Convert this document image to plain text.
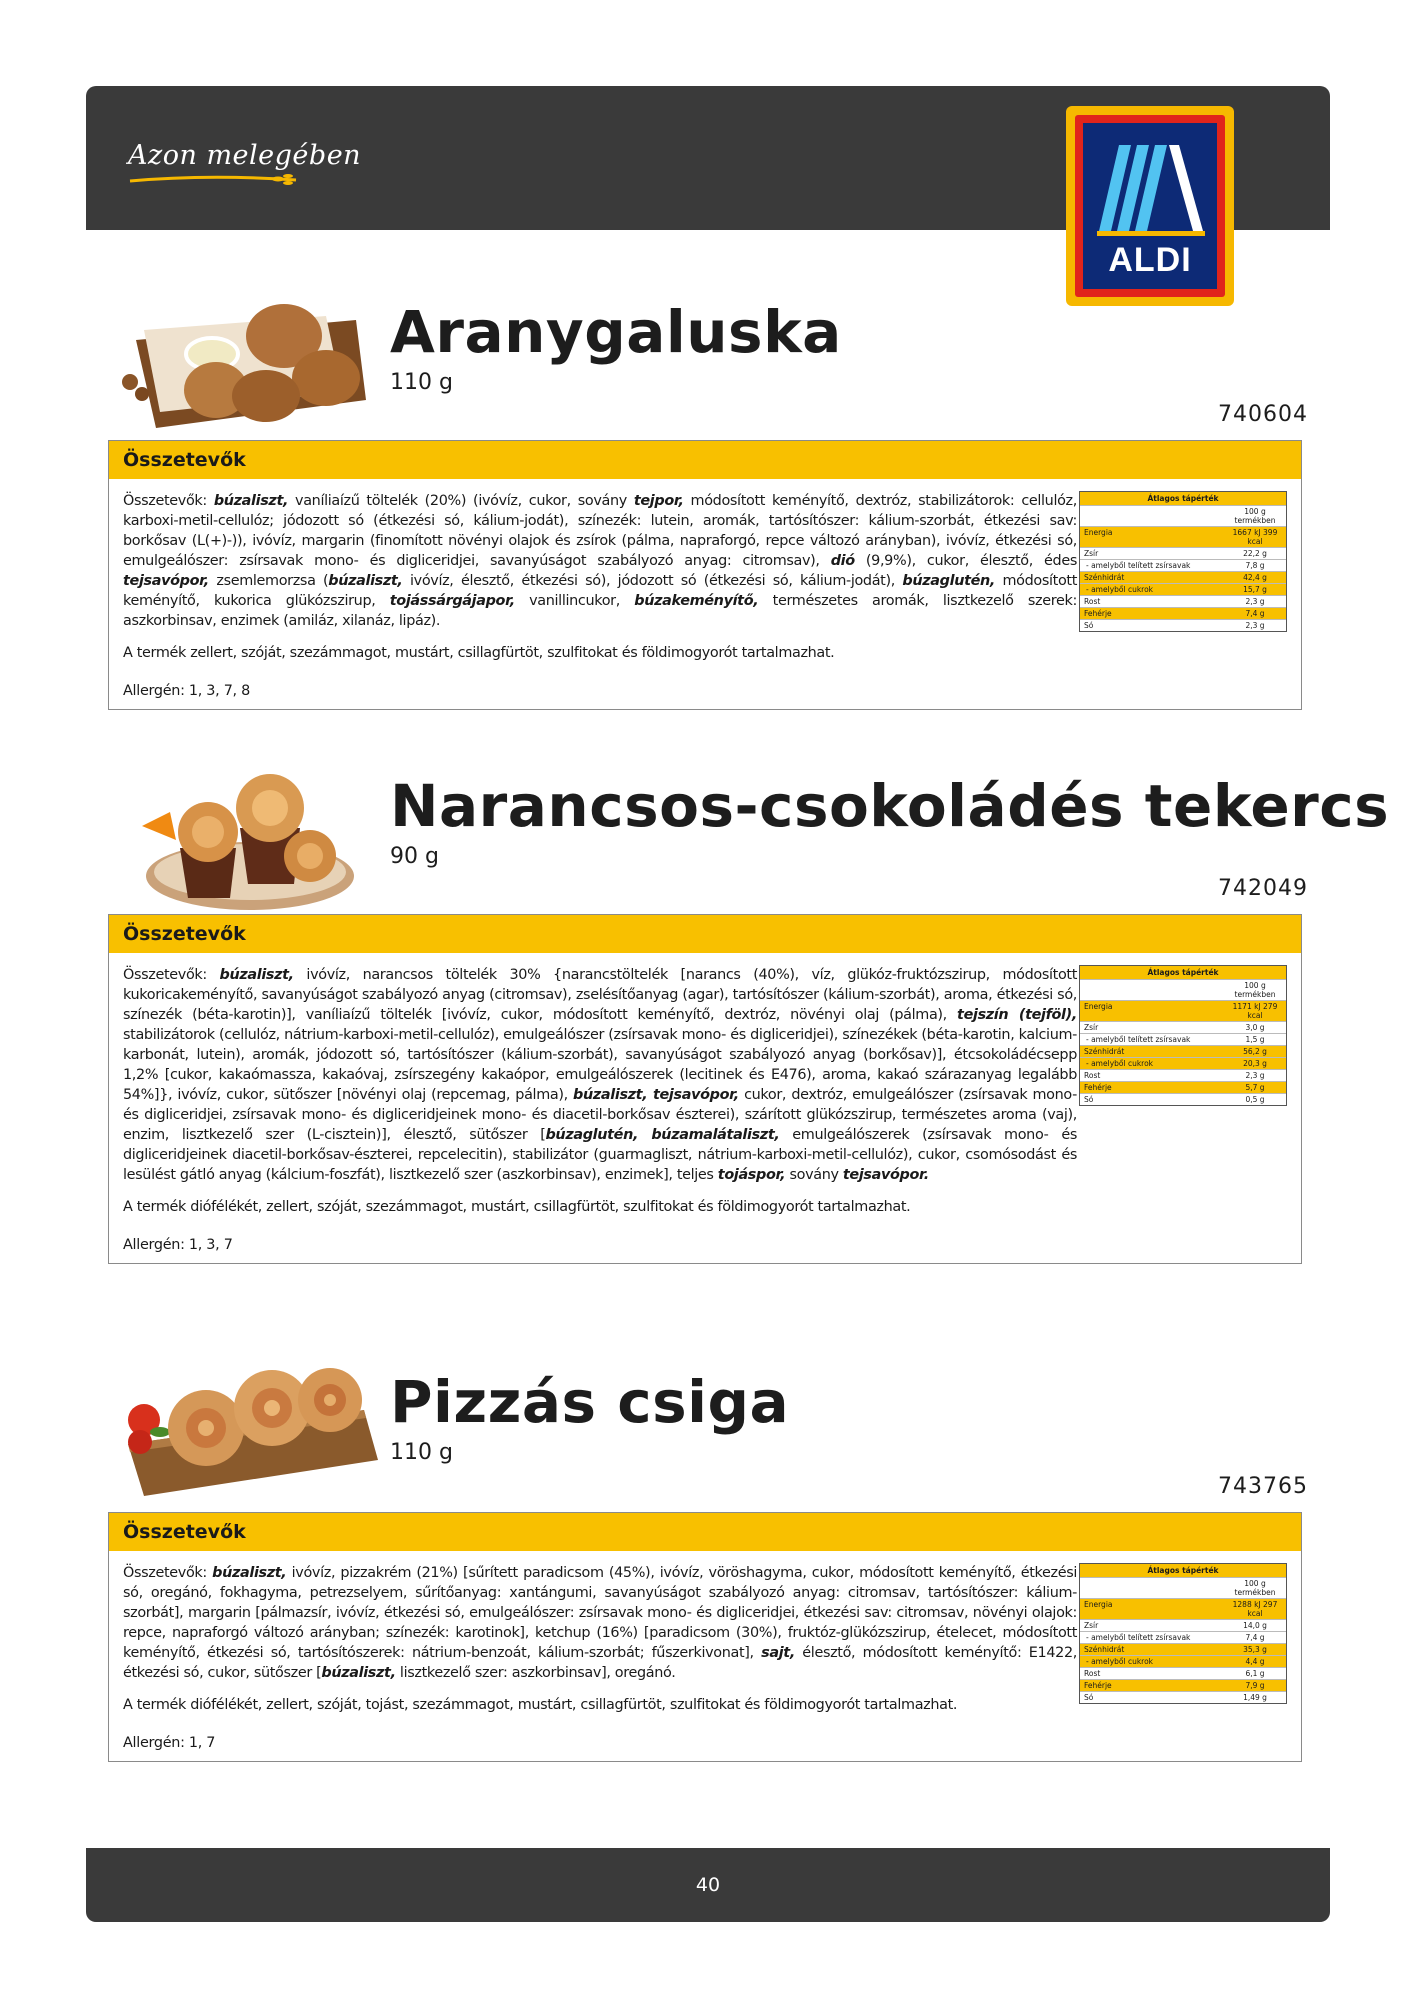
Azon melegében
ALDI
Aranygaluska
110 g
740604
Összetevők
Összetevők: búzaliszt, vaníliaízű töltelék (20%) (ivóvíz, cukor, sovány tejpor, módosított keményítő, dextróz, stabilizátorok: cellulóz, karboxi-metil-cellulóz; jódozott só (étkezési só, kálium-jodát), színezék: lutein, aromák, tartósítószer: kálium-szorbát, étkezési sav: borkősav (L(+)-)), ivóvíz, margarin (finomított növényi olajok és zsírok (pálma, napraforgó, repce változó arányban), ivóvíz, étkezési só, emulgeálószer: zsírsavak mono- és digliceridjei, savanyúságot szabályozó anyag: citromsav), dió (9,9%), cukor, élesztő, édes tejsavópor, zsemlemorzsa (búzaliszt, ivóvíz, élesztő, étkezési só), jódozott só (étkezési só, kálium-jodát), búzaglutén, módosított keményítő, kukorica glükózszirup, tojássárgájapor, vanillincukor, búzakeményítő, természetes aromák, lisztkezelő szerek: aszkorbinsav, enzimek (amiláz, xilanáz, lipáz).
A termék zellert, szóját, szezámmagot, mustárt, csillagfürtöt, szulfitokat és földimogyorót tartalmazhat.
Allergén: 1, 3, 7, 8
Átlagos tápérték
100 g termékben
Energia	1667 kJ 399 kcal
Zsír	22,2 g
- amelyből telített zsírsavak	7,8 g
Szénhidrát	42,4 g
- amelyből cukrok	15,7 g
Rost	2,3 g
Fehérje	7,4 g
Só	2,3 g
Narancsos-csokoládés tekercs
90 g
742049
Összetevők
Összetevők: búzaliszt, ivóvíz, narancsos töltelék 30% {narancstöltelék [narancs (40%), víz, glükóz-fruktózszirup, módosított kukoricakeményítő, savanyúságot szabályozó anyag (citromsav), zselésítőanyag (agar), tartósítószer (kálium-szorbát), aroma, étkezési só, színezék (béta-karotin)], vaníliaízű töltelék [ivóvíz, cukor, módosított keményítő, dextróz, növényi olaj (pálma), tejszín (tejföl), stabilizátorok (cellulóz, nátrium-karboxi-metil-cellulóz), emulgeálószer (zsírsavak mono- és digliceridjei), színezékek (béta-karotin, kalcium-karbonát, lutein), aromák, jódozott só, tartósítószer (kálium-szorbát), savanyúságot szabályozó anyag (borkősav)], étcsokoládécsepp 1,2% [cukor, kakaómassza, kakaóvaj, zsírszegény kakaópor, emulgeálószerek (lecitinek és E476), aroma, kakaó szárazanyag legalább 54%]}, ivóvíz, cukor, sütőszer [növényi olaj (repcemag, pálma), búzaliszt, tejsavópor, cukor, dextróz, emulgeálószer (zsírsavak mono- és digliceridjei, zsírsavak mono- és digliceridjeinek mono- és diacetil-borkősav észterei), szárított glükózszirup, természetes aroma (vaj), enzim, lisztkezelő szer (L-cisztein)], élesztő, sütőszer [búzaglutén, búzamalátaliszt, emulgeálószerek (zsírsavak mono- és digliceridjeinek diacetil-borkősav-észterei, repcelecitin), stabilizátor (guarmagliszt, nátrium-karboxi-metil-cellulóz), cukor, csomósodást és lesülést gátló anyag (kálcium-foszfát), lisztkezelő szer (aszkorbinsav), enzimek], teljes tojáspor, sovány tejsavópor.
A termék diófélékét, zellert, szóját, szezámmagot, mustárt, csillagfürtöt, szulfitokat és földimogyorót tartalmazhat.
Allergén: 1, 3, 7
Átlagos tápérték
100 g termékben
Energia	1171 kJ 279 kcal
Zsír	3,0 g
- amelyből telített zsírsavak	1,5 g
Szénhidrát	56,2 g
- amelyből cukrok	20,3 g
Rost	2,3 g
Fehérje	5,7 g
Só	0,5 g
Pizzás csiga
110 g
743765
Összetevők
Összetevők: búzaliszt, ivóvíz, pizzakrém (21%) [sűrített paradicsom (45%), ivóvíz, vöröshagyma, cukor, módosított keményítő, étkezési só, oregánó, fokhagyma, petrezselyem, sűrítőanyag: xantángumi, savanyúságot szabályozó anyag: citromsav, tartósítószer: kálium-szorbát], margarin [pálmazsír, ivóvíz, étkezési só, emulgeálószer: zsírsavak mono- és digliceridjei, étkezési sav: citromsav, növényi olajok: repce, napraforgó változó arányban; színezék: karotinok], ketchup (16%) [paradicsom (30%), fruktóz-glükózszirup, ételecet, módosított keményítő, étkezési só, tartósítószerek: nátrium-benzoát, kálium-szorbát; fűszerkivonat], sajt, élesztő, módosított keményítő: E1422, étkezési só, cukor, sütőszer [búzaliszt, lisztkezelő szer: aszkorbinsav], oregánó.
A termék diófélékét, zellert, szóját, tojást, szezámmagot, mustárt, csillagfürtöt, szulfitokat és földimogyorót tartalmazhat.
Allergén: 1, 7
Átlagos tápérték
100 g termékben
Energia	1288 kJ 297 kcal
Zsír	14,0 g
- amelyből telített zsírsavak	7,4 g
Szénhidrát	35,3 g
- amelyből cukrok	4,4 g
Rost	6,1 g
Fehérje	7,9 g
Só	1,49 g
40
